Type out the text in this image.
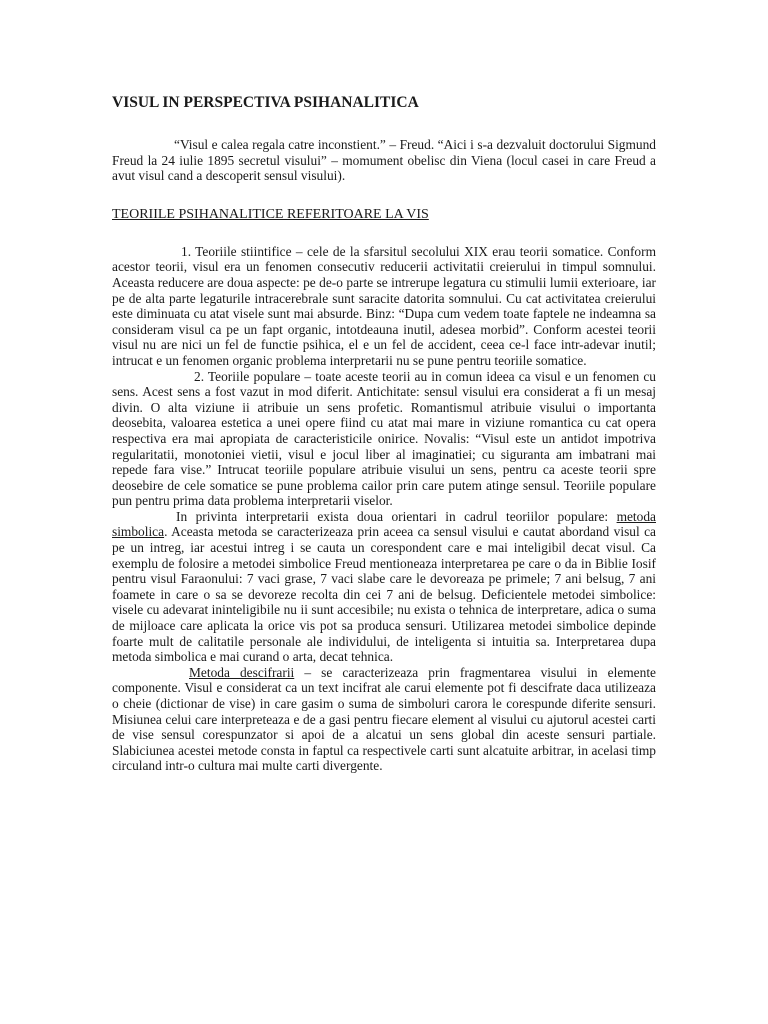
VISUL IN PERSPECTIVA PSIHANALITICA

“Visul e calea regala catre inconstient.” – Freud. “Aici i s-a dezvaluit doctorului Sigmund Freud la 24 iulie 1895 secretul visului” – momument obelisc din Viena (locul casei in care Freud a avut visul cand a descoperit sensul visului).

TEORIILE PSIHANALITICE REFERITOARE LA VIS

1. Teoriile stiintifice – cele de la sfarsitul secolului XIX erau teorii somatice. Conform acestor teorii, visul era un fenomen consecutiv reducerii activitatii creierului in timpul somnului. Aceasta reducere are doua aspecte: pe de-o parte se intrerupe legatura cu stimulii lumii exterioare, iar pe de alta parte legaturile intracerebrale sunt saracite datorita somnului. Cu cat activitatea creierului este diminuata cu atat visele sunt mai absurde. Binz: “Dupa cum vedem toate faptele ne indeamna sa consideram visul ca pe un fapt organic, intotdeauna inutil, adesea morbid”. Conform acestei teorii visul nu are nici un fel de functie psihica, el e un fel de accident, ceea ce-l face intr-adevar inutil; intrucat e un fenomen organic problema interpretarii nu se pune pentru teoriile somatice.

2. Teoriile populare – toate aceste teorii au in comun ideea ca visul e un fenomen cu sens. Acest sens a fost vazut in mod diferit. Antichitate: sensul visului era considerat a fi un mesaj divin. O alta viziune ii atribuie un sens profetic. Romantismul atribuie visului o importanta deosebita, valoarea estetica a unei opere fiind cu atat mai mare in viziune romantica cu cat opera respectiva era mai apropiata de caracteristicile onirice. Novalis: “Visul este un antidot impotriva regularitatii, monotoniei vietii, visul e jocul liber al imaginatiei; cu siguranta am imbatrani mai repede fara vise.” Intrucat teoriile populare atribuie visului un sens, pentru ca aceste teorii spre deosebire de cele somatice se pune problema cailor prin care putem atinge sensul. Teoriile populare pun pentru prima data problema interpretarii viselor.

In privinta interpretarii exista doua orientari in cadrul teoriilor populare: metoda simbolica. Aceasta metoda se caracterizeaza prin aceea ca sensul visului e cautat abordand visul ca pe un intreg, iar acestui intreg i se cauta un corespondent care e mai inteligibil decat visul. Ca exemplu de folosire a metodei simbolice Freud mentioneaza interpretarea pe care o da in Biblie Iosif pentru visul Faraonului: 7 vaci grase, 7 vaci slabe care le devoreaza pe primele; 7 ani belsug, 7 ani foamete in care o sa se devoreze recolta din cei 7 ani de belsug. Deficientele metodei simbolice: visele cu adevarat ininteligibile nu ii sunt accesibile; nu exista o tehnica de interpretare, adica o suma de mijloace care aplicata la orice vis pot sa produca sensuri. Utilizarea metodei simbolice depinde foarte mult de calitatile personale ale individului, de inteligenta si intuitia sa. Interpretarea dupa metoda simbolica e mai curand o arta, decat tehnica.

Metoda descifrarii – se caracterizeaza prin fragmentarea visului in elemente componente. Visul e considerat ca un text incifrat ale carui elemente pot fi descifrate daca utilizeaza o cheie (dictionar de vise) in care gasim o suma de simboluri carora le corespunde diferite sensuri. Misiunea celui care interpreteaza e de a gasi pentru fiecare element al visului cu ajutorul acestei carti de vise sensul corespunzator si apoi de a alcatui un sens global din aceste sensuri partiale. Slabiciunea acestei metode consta in faptul ca respectivele carti sunt alcatuite arbitrar, in acelasi timp circuland intr-o cultura mai multe carti divergente.
